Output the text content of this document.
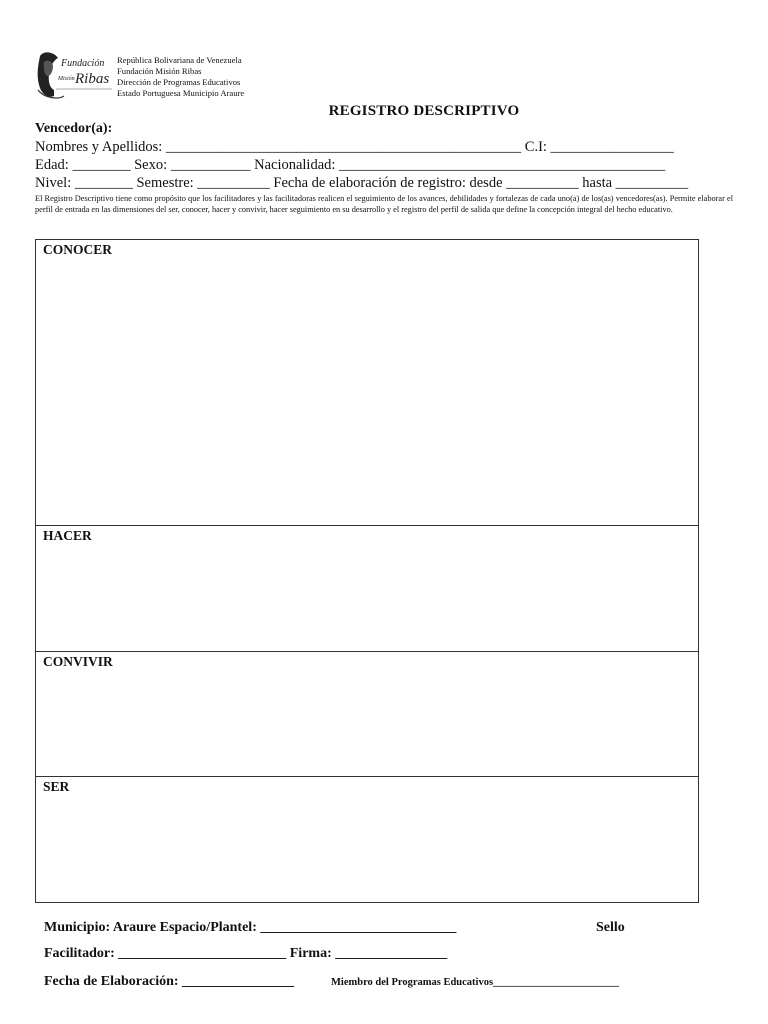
Fundación
Misión Ribas
República Bolivariana de Venezuela
Fundación Misión Ribas
Dirección de Programas Educativos
Estado Portuguesa Municipio Araure
REGISTRO DESCRIPTIVO
Vencedor(a):
Nombres y Apellidos: _________________________________________________ C.I: _________________
Edad: ________ Sexo: ___________ Nacionalidad: _____________________________________________
Nivel: ________ Semestre: __________ Fecha de elaboración de registro: desde __________ hasta __________
El Registro Descriptivo tiene como propósito que los facilitadores y las facilitadoras realicen el seguimiento de los avances, debilidades y fortalezas de cada uno(a) de los(as) vencedores(as). Permite elaborar el perfil de entrada en las dimensiones del ser, conocer, hacer y convivir, hacer seguimiento en su desarrollo y el registro del perfil de salida que define la concepción integral del hecho educativo.
CONOCER
HACER
CONVIVIR
SER
Municipio: Araure Espacio/Plantel: ____________________________	Sello
Facilitador: ________________________ Firma: ________________
Fecha de Elaboración: ________________	Miembro del Programas Educativos________________________
